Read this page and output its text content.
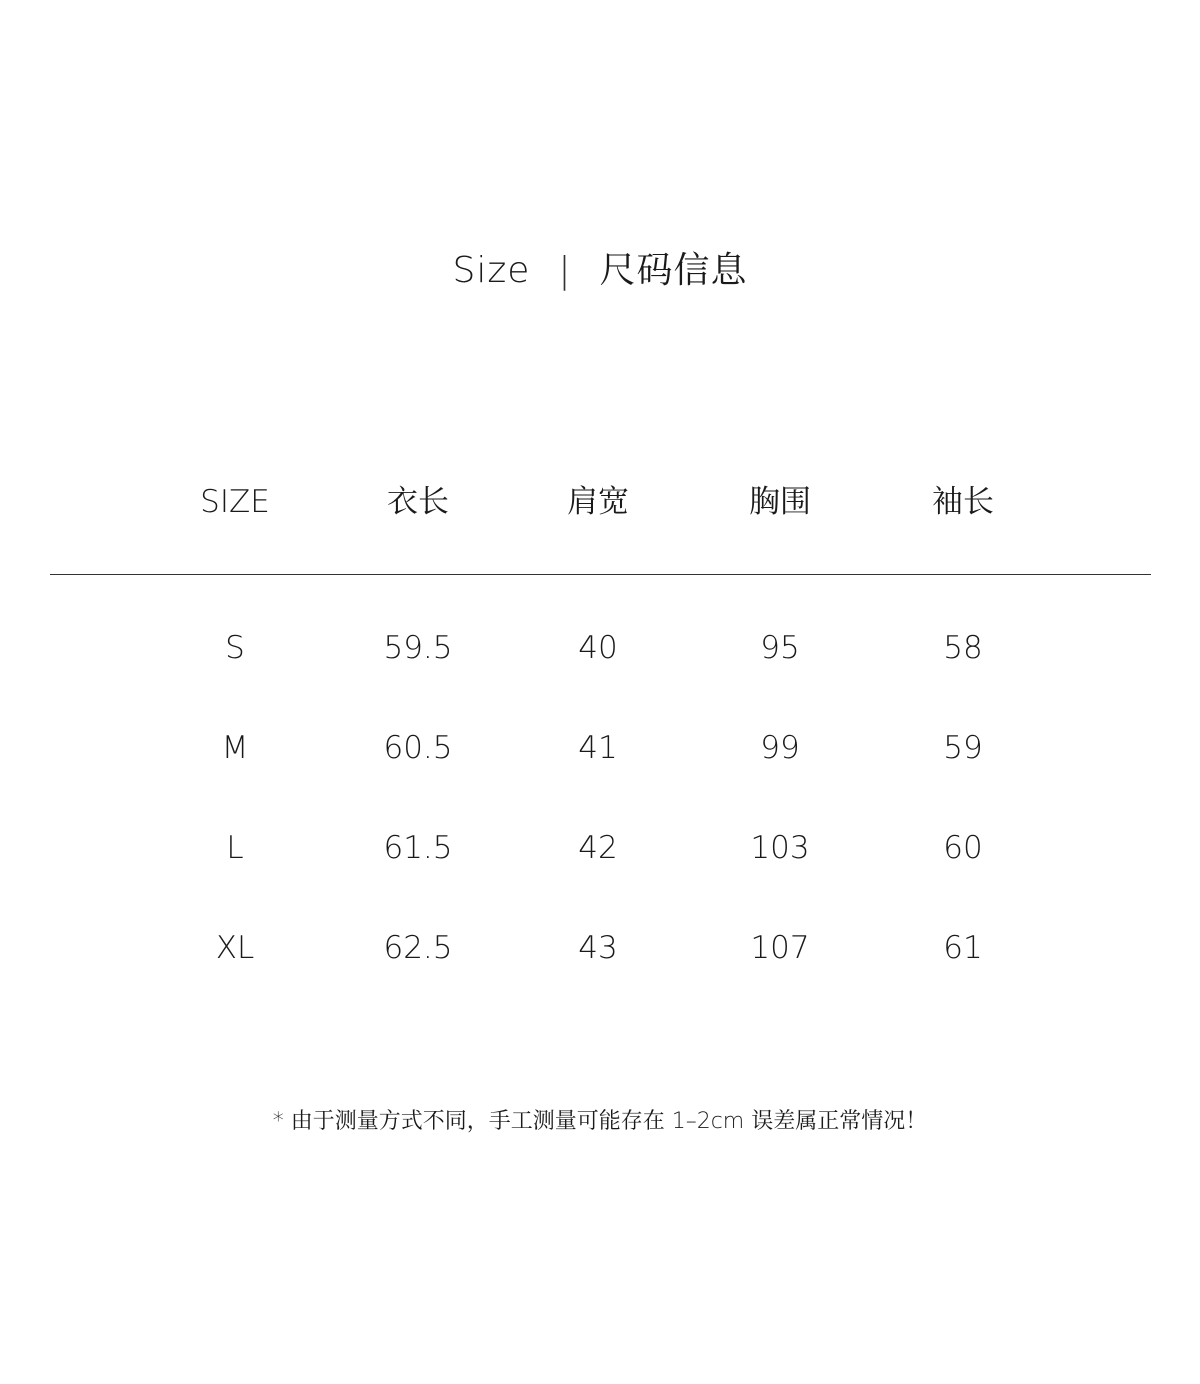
Size | 尺码信息
SIZE	衣长	肩宽	胸围	袖长
S	59.5	40	95	58
M	60.5	41	99	59
L	61.5	42	103	60
XL	62.5	43	107	61
* 由于测量方式不同，手工测量可能存在 1–2cm 误差属正常情况！
